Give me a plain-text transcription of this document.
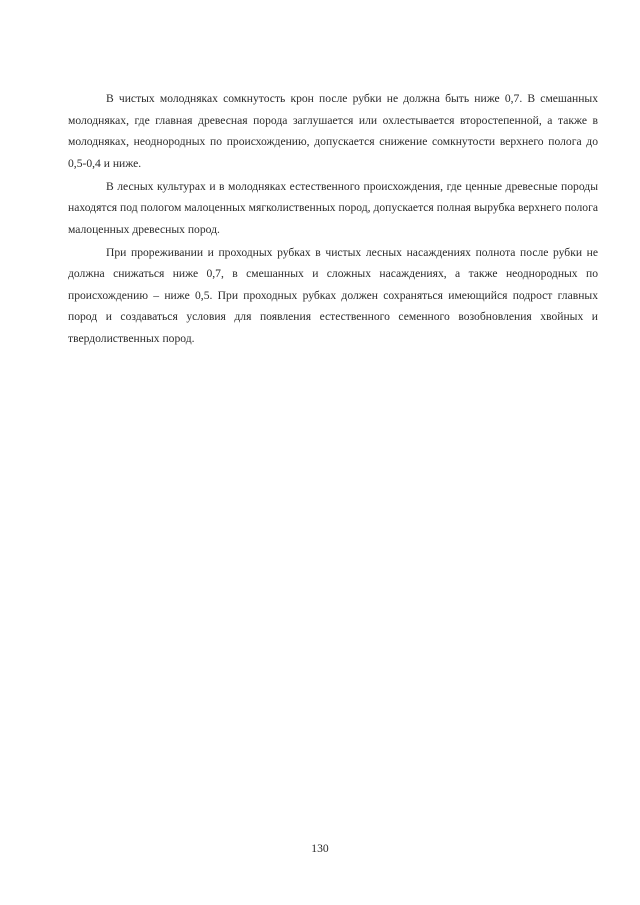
В чистых молодняках сомкнутость крон после рубки не должна быть ниже 0,7. В смешанных молодняках, где главная древесная порода заглушается или охлестывается второстепенной, а также в молодняках, неоднородных по происхождению, допускается снижение сомкнутости верхнего полога до 0,5-0,4 и ниже.

В лесных культурах и в молодняках естественного происхождения, где ценные древесные породы находятся под пологом малоценных мягколиственных пород, допускается полная вырубка верхнего полога малоценных древесных пород.

При прореживании и проходных рубках в чистых лесных насаждениях полнота после рубки не должна снижаться ниже 0,7, в смешанных и сложных насаждениях, а также неоднородных по происхождению – ниже 0,5. При проходных рубках должен сохраняться имеющийся подрост главных пород и создаваться условия для появления естественного семенного возобновления хвойных и твердолиственных пород.

130
